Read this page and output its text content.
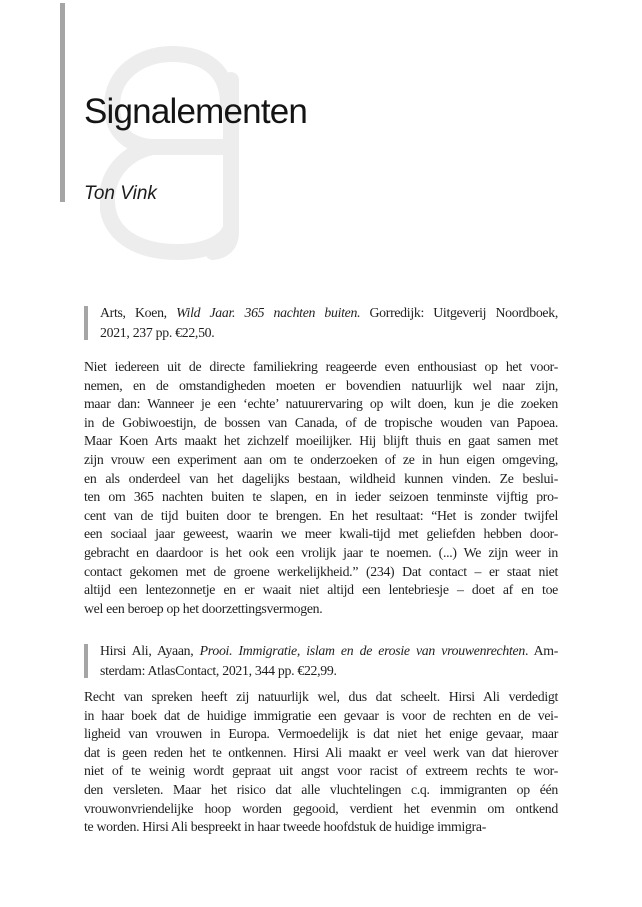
Signalementen
Ton Vink
Arts, Koen, Wild Jaar. 365 nachten buiten. Gorredijk: Uitgeverij Noordboek,
2021, 237 pp. €22,50.
Niet iedereen uit de directe familiekring reageerde even enthousiast op het voor-
nemen, en de omstandigheden moeten er bovendien natuurlijk wel naar zijn,
maar dan: Wanneer je een ‘echte’ natuurervaring op wilt doen, kun je die zoeken
in de Gobiwoestijn, de bossen van Canada, of de tropische wouden van Papoea.
Maar Koen Arts maakt het zichzelf moeilijker. Hij blijft thuis en gaat samen met
zijn vrouw een experiment aan om te onderzoeken of ze in hun eigen omgeving,
en als onderdeel van het dagelijks bestaan, wildheid kunnen vinden. Ze beslui-
ten om 365 nachten buiten te slapen, en in ieder seizoen tenminste vijftig pro-
cent van de tijd buiten door te brengen. En het resultaat: “Het is zonder twijfel
een sociaal jaar geweest, waarin we meer kwali-tijd met geliefden hebben door-
gebracht en daardoor is het ook een vrolijk jaar te noemen. (...) We zijn weer in
contact gekomen met de groene werkelijkheid.” (234) Dat contact – er staat niet
altijd een lentezonnetje en er waait niet altijd een lentebriesje – doet af en toe
wel een beroep op het doorzettingsvermogen.
Hirsi Ali, Ayaan, Prooi. Immigratie, islam en de erosie van vrouwenrechten. Am-
sterdam: AtlasContact, 2021, 344 pp. €22,99.
Recht van spreken heeft zij natuurlijk wel, dus dat scheelt. Hirsi Ali verdedigt
in haar boek dat de huidige immigratie een gevaar is voor de rechten en de vei-
ligheid van vrouwen in Europa. Vermoedelijk is dat niet het enige gevaar, maar
dat is geen reden het te ontkennen. Hirsi Ali maakt er veel werk van dat hierover
niet of te weinig wordt gepraat uit angst voor racist of extreem rechts te wor-
den versleten. Maar het risico dat alle vluchtelingen c.q. immigranten op één
vrouwonvriendelijke hoop worden gegooid, verdient het evenmin om ontkend
te worden. Hirsi Ali bespreekt in haar tweede hoofdstuk de huidige immigra-
